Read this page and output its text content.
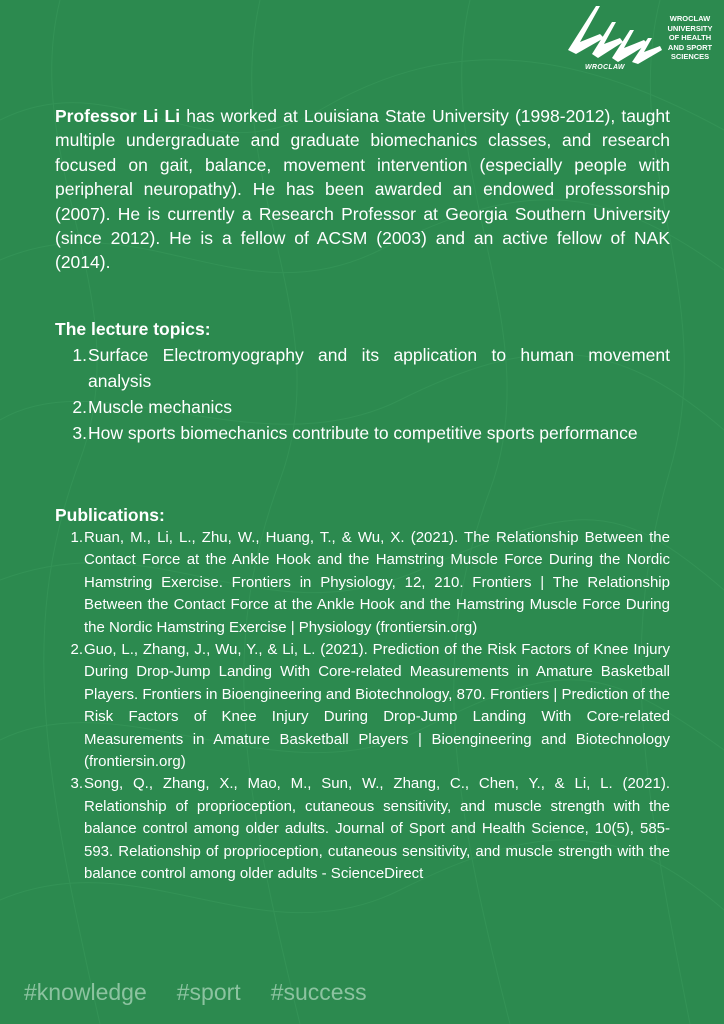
WROCLAW
WROCLAW
UNIVERSITY
OF HEALTH
AND SPORT
SCIENCES

Professor Li Li has worked at Louisiana State University (1998-2012), taught multiple undergraduate and graduate biomechanics classes, and research focused on gait, balance, movement intervention (especially people with peripheral neuropathy). He has been awarded an endowed professorship (2007). He is currently a Research Professor at Georgia Southern University (since 2012). He is a fellow of ACSM (2003) and an active fellow of NAK (2014).

The lecture topics:
1. Surface Electromyography and its application to human movement analysis
2. Muscle mechanics
3. How sports biomechanics contribute to competitive sports performance
Publications:
1. Ruan, M., Li, L., Zhu, W., Huang, T., & Wu, X. (2021). The Relationship Between the Contact Force at the Ankle Hook and the Hamstring Muscle Force During the Nordic Hamstring Exercise. Frontiers in Physiology, 12, 210. Frontiers | The Relationship Between the Contact Force at the Ankle Hook and the Hamstring Muscle Force During the Nordic Hamstring Exercise | Physiology (frontiersin.org)
2. Guo, L., Zhang, J., Wu, Y., & Li, L. (2021). Prediction of the Risk Factors of Knee Injury During Drop-Jump Landing With Core-related Measurements in Amature Basketball Players. Frontiers in Bioengineering and Biotechnology, 870. Frontiers | Prediction of the Risk Factors of Knee Injury During Drop-Jump Landing With Core-related Measurements in Amature Basketball Players | Bioengineering and Biotechnology (frontiersin.org)
3. Song, Q., Zhang, X., Mao, M., Sun, W., Zhang, C., Chen, Y., & Li, L. (2021). Relationship of proprioception, cutaneous sensitivity, and muscle strength with the balance control among older adults. Journal of Sport and Health Science, 10(5), 585-593. Relationship of proprioception, cutaneous sensitivity, and muscle strength with the balance control among older adults - ScienceDirect
#knowledge #sport #success
